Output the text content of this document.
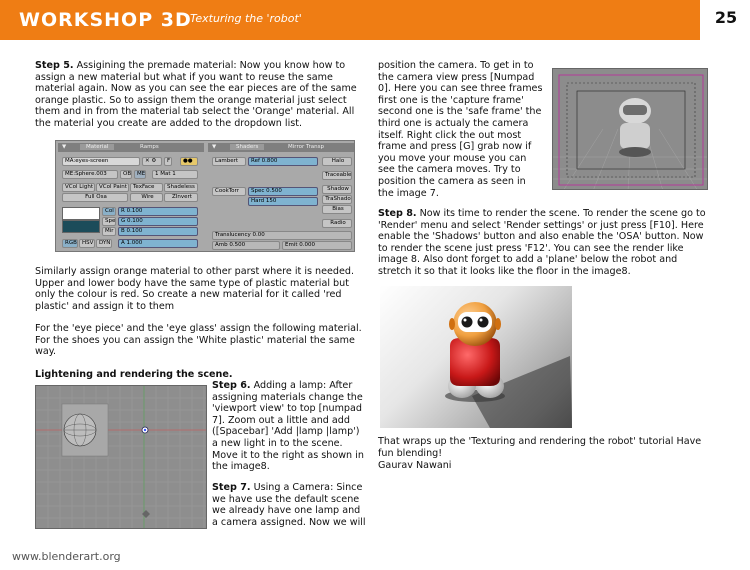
WORKSHOP 3D
Texturing the 'robot'	25
Step 5. Assigining the premade material: Now you know how to assign a new material but what if you want to reuse the same material again. Now as you can see the ear pieces are of the same orange plastic. So to assign them the orange material just select them and in from the material tab select the 'Orange' material. All the material you create are added to the dropdown list.
▼	Material	Ramps
MA:eyes-screen	✕ ⚙	F	●●
ME:Sphere.003	OB	ME	1 Mat 1
VCol Light	VCol Paint	TexFace	Shadeless
Full Osa	Wire	ZInvert
Col
Spe
Mir
R 0.100
G 0.100
B 0.100
RGB HSV	DYN	A 1.000
▼	Shaders	Mirror Transp
Lambert	Ref 0.800
CookTorr	Spec 0.500
Hard 150
Halo
Traceable
Shadow
TraShado
Bias
Radio
Translucency 0.00
Amb 0.500	Emit 0.000
Similarly assign orange material to other parst where it is needed. Upper and lower body have the same type of plastic material but only the colour is red. So create a new material for it called 'red plastic' and assign it to them
For the 'eye piece' and the 'eye glass' assign the following material. For the shoes you can assign the 'White plastic' material the same way.
Lightening and rendering the scene.
Step 6. Adding a lamp: After assigning materials change the 'viewport view' to top [numpad 7]. Zoom out a little and add ([Spacebar] 'Add |lamp |lamp') a new light in to the scene. Move it to the right as shown in the image8.
Step 7. Using a Camera: Since we have use the default scene we already have one lamp and a camera assigned. Now we will
position the camera. To get in to the camera view press [Numpad 0]. Here you can see three frames first one is the 'capture frame' second one is the 'safe frame' the third one is actualy the camera itself. Right click the out most frame and press [G] grab now if you move your mouse you can see the camera moves. Try to position the camera as seen in the image 7.
Step 8. Now its time to render the scene. To render the scene go to 'Render' menu and select 'Render settings' or just press [F10]. Here enable the 'Shadows' button and also enable the 'OSA' button. Now to render the scene just press 'F12'. You can see the render like image 8. Also dont forget to add a 'plane' below the robot and stretch it so that it looks like the floor in the image8.
That wraps up the 'Texturing and rendering the robot' tutorial Have fun blending!
Gaurav Nawani
www.blenderart.org
